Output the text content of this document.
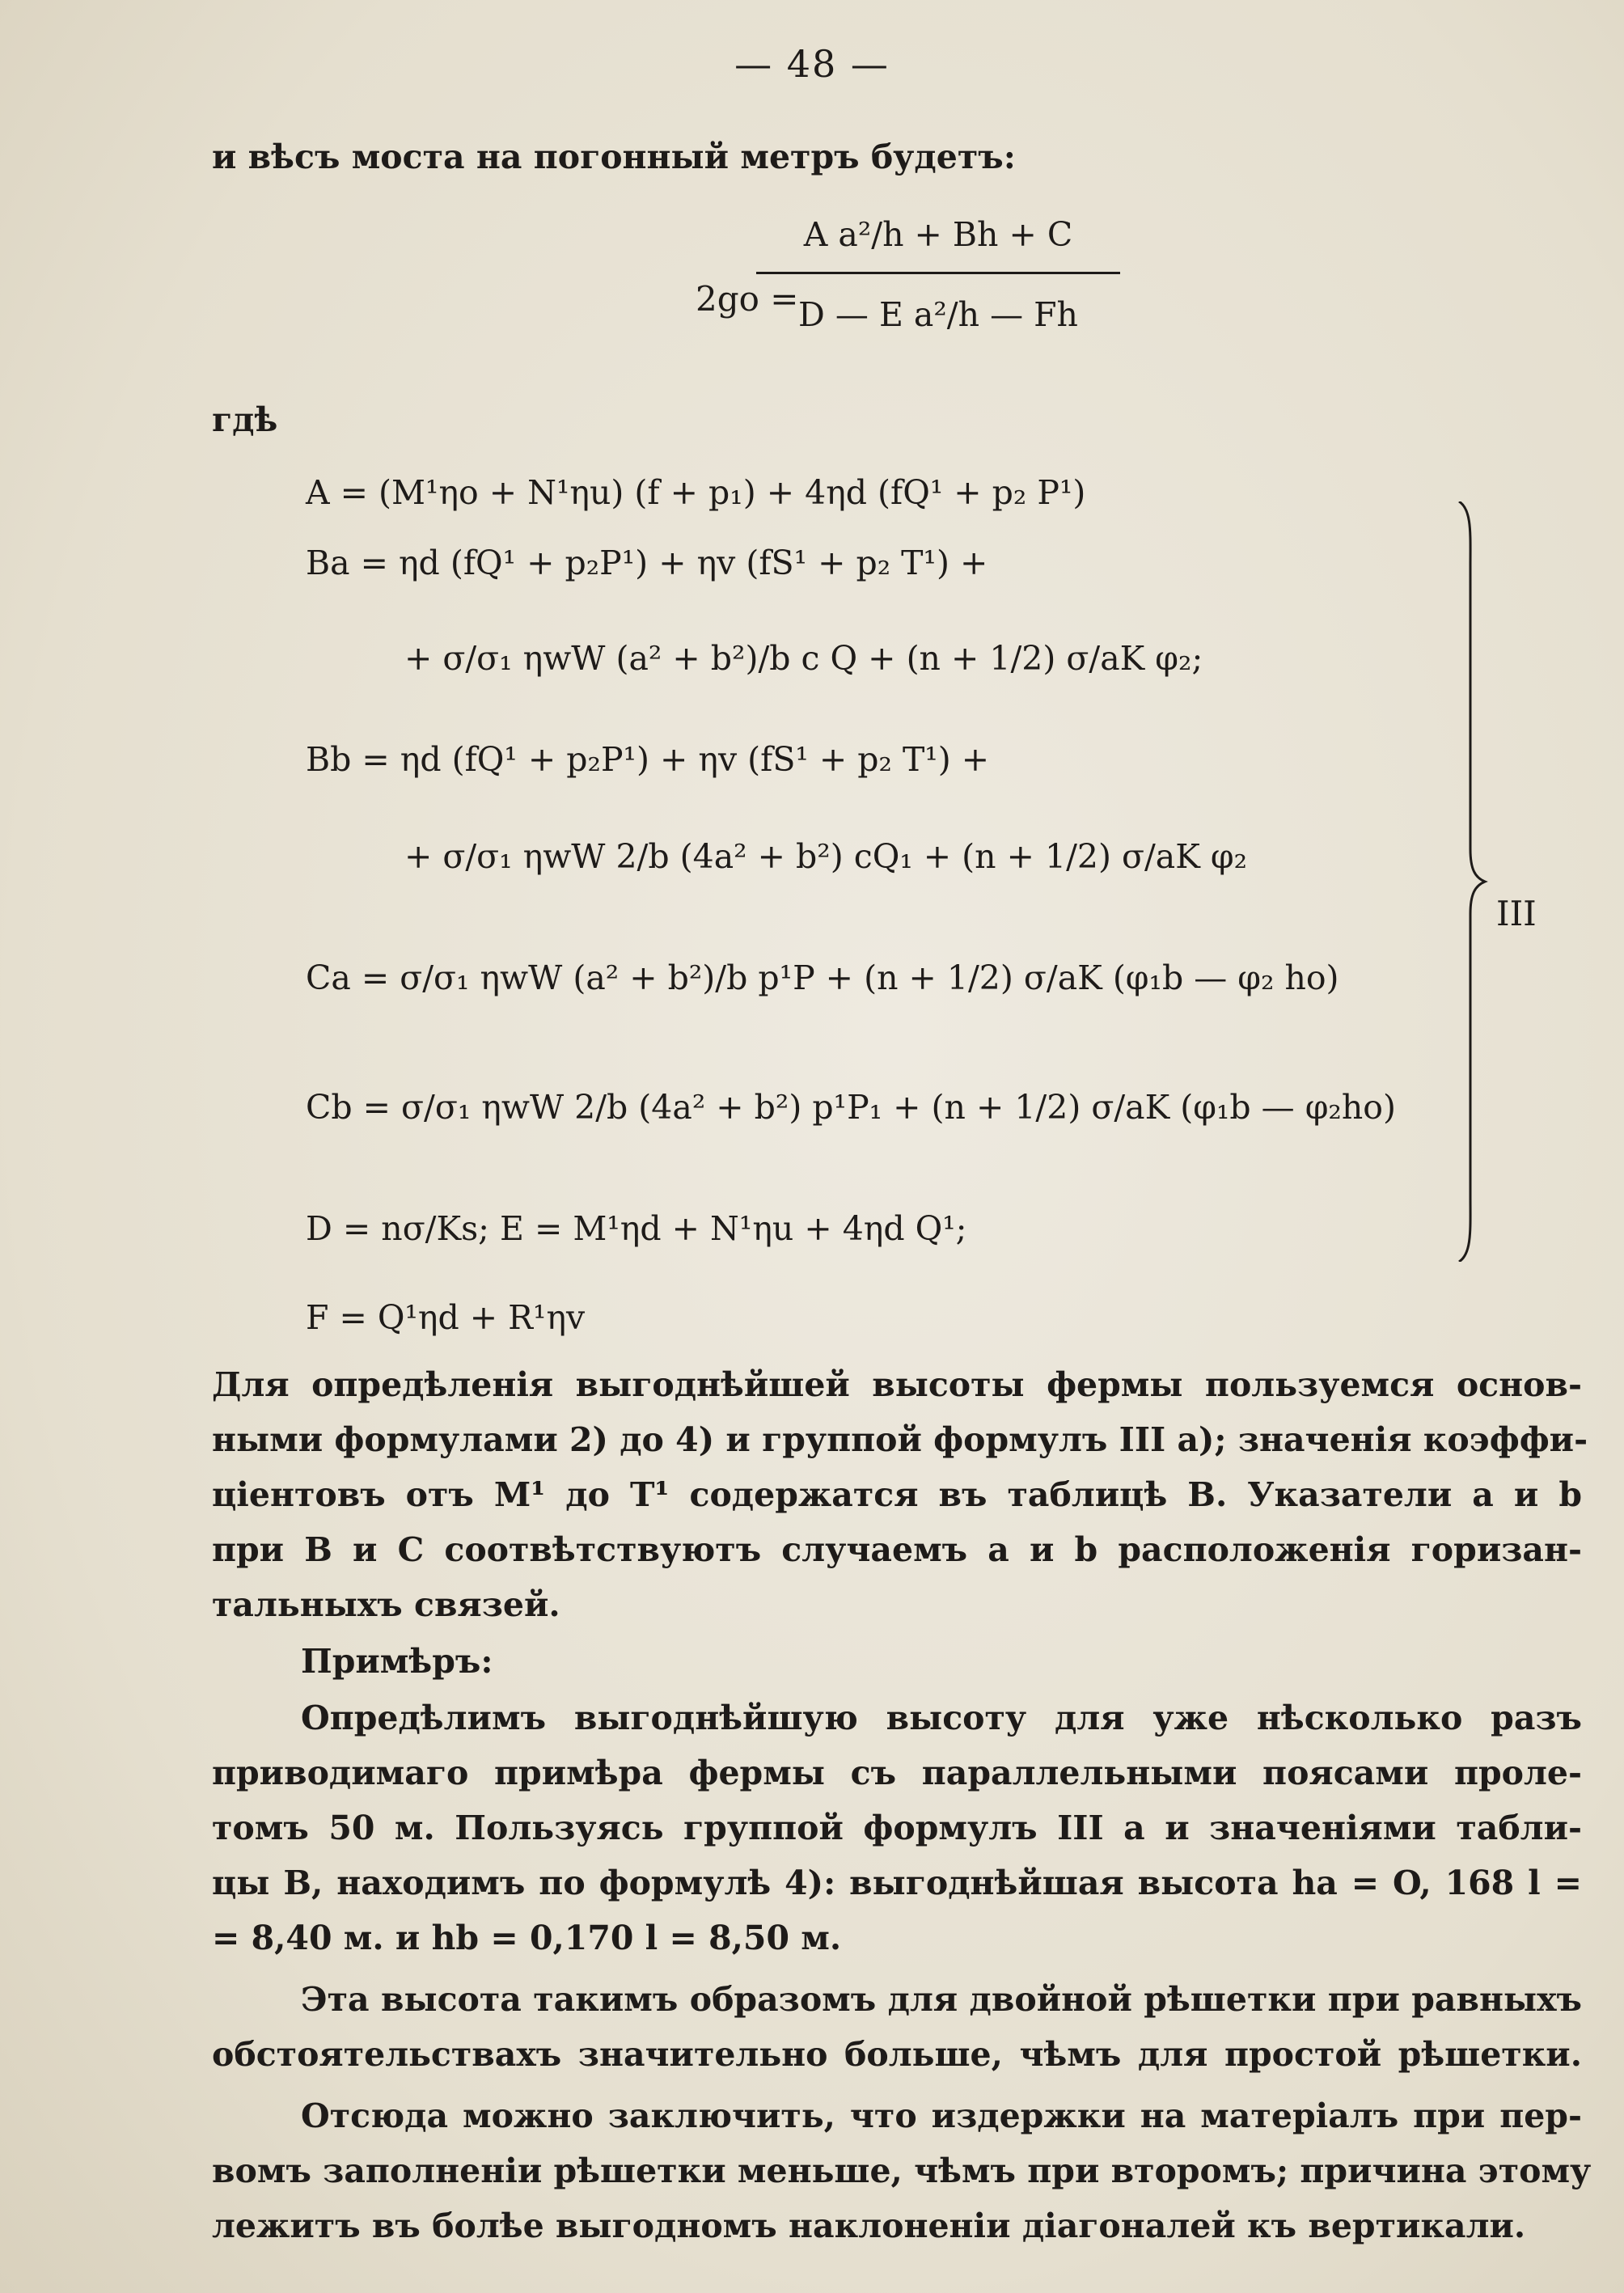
— 48 —
и вѣсъ моста на погонный метръ будетъ:
2go =
$\frac{\text{A a²/h + Bh + C}}{\text{D — E a²/h — Fh}}$
гдѣ
A = (M¹ηo + N¹ηu) (f + p₁) + 4ηd (fQ¹ + p₂ P¹)
Ba = ηd (fQ¹ + p₂P¹) + ηv (fS¹ + p₂ T¹) +
+ σ/σ₁ ηwW (a² + b²)/b c Q + (n + 1/2) σ/aK φ₂;
Bb = ηd (fQ¹ + p₂P¹) + ηv (fS¹ + p₂ T¹) +
+ σ/σ₁ ηwW 2/b (4a² + b²) cQ₁ + (n + 1/2) σ/aK φ₂
Ca = σ/σ₁ ηwW (a² + b²)/b p¹P + (n + 1/2) σ/aK (φ₁b — φ₂ ho)
Cb = σ/σ₁ ηwW 2/b (4a² + b²) p¹P₁ + (n + 1/2) σ/aK (φ₁b — φ₂ho)
D = nσ/Ks; E = M¹ηd + N¹ηu + 4ηd Q¹;
F = Q¹ηd + R¹ηv
III
Для опредѣленія выгоднѣйшей высоты фермы пользуемся основ-
ными формулами 2) до 4) и группой формулъ III a); значенія коэффи-
ціентовъ отъ M¹ до T¹ содержатся въ таблицѣ B. Указатели a и b
при B и C соотвѣтствуютъ случаемъ a и b расположенія горизан-
тальныхъ связей.
Примѣръ:
Опредѣлимъ выгоднѣйшую высоту для уже нѣсколько разъ
приводимаго примѣра фермы съ параллельными поясами проле-
томъ 50 м. Пользуясь группой формулъ III a и значеніями табли-
цы B, находимъ по формулѣ 4): выгоднѣйшая высота ha = O, 168 l =
= 8,40 м. и hb = 0,170 l = 8,50 м.
Эта высота такимъ образомъ для двойной рѣшетки при равныхъ
обстоятельствахъ значительно больше, чѣмъ для простой рѣшетки.
Отсюда можно заключить, что издержки на матеріалъ при пер-
вомъ заполненіи рѣшетки меньше, чѣмъ при второмъ; причина этому
лежитъ въ болѣе выгодномъ наклоненіи діагоналей къ вертикали.
